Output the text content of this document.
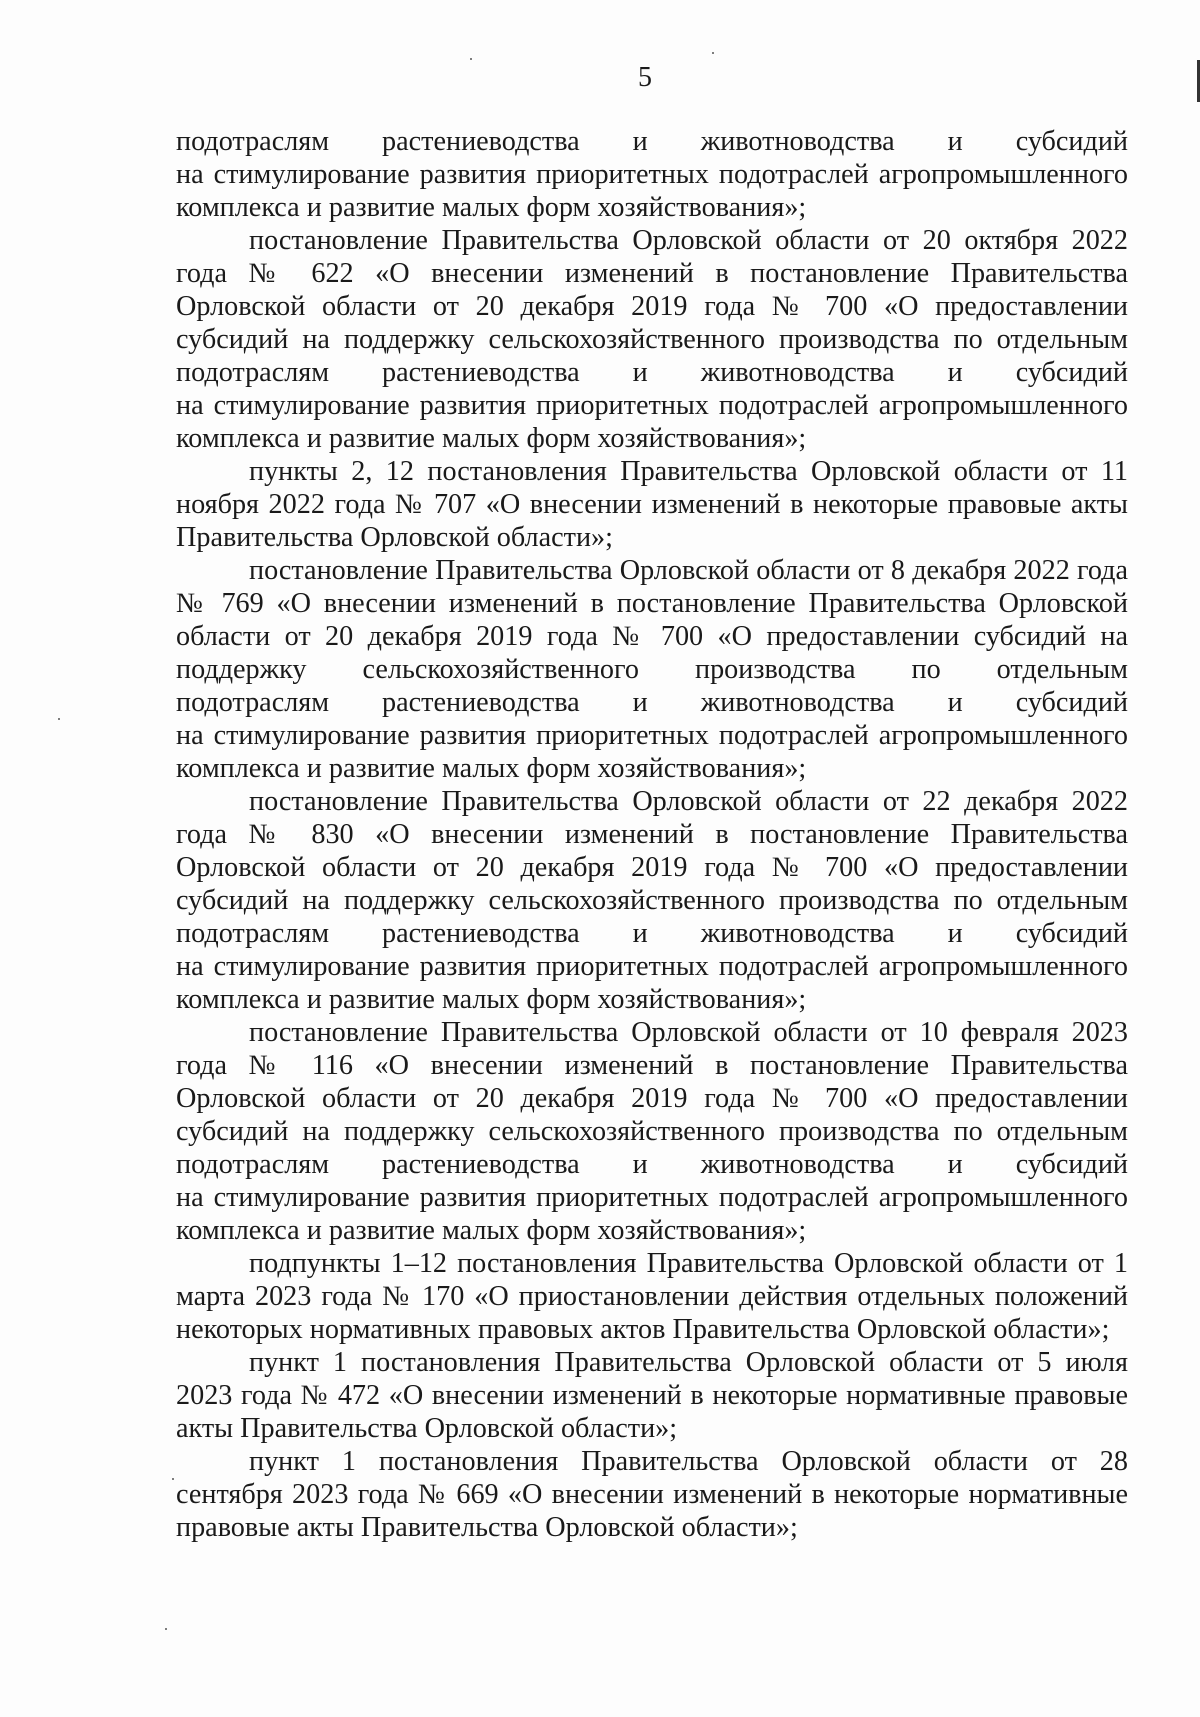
5

подотраслям растениеводства и животноводства и субсидий

на стимулирование развития приоритетных подотраслей агропромышленного комплекса и развитие малых форм хозяйствования»;

постановление Правительства Орловской области от 20 октября 2022 года № 622 «О внесении изменений в постановление Правительства Орловской области от 20 декабря 2019 года № 700 «О предоставлении субсидий на поддержку сельскохозяйственного производства по отдельным

подотраслям растениеводства и животноводства и субсидий

на стимулирование развития приоритетных подотраслей агропромышленного комплекса и развитие малых форм хозяйствования»;

пункты 2, 12 постановления Правительства Орловской области от 11 ноября 2022 года № 707 «О внесении изменений в некоторые правовые акты Правительства Орловской области»;

постановление Правительства Орловской области от 8 декабря 2022 года № 769 «О внесении изменений в постановление Правительства Орловской области от 20 декабря 2019 года № 700 «О предоставлении субсидий на поддержку сельскохозяйственного производства по отдельным

подотраслям растениеводства и животноводства и субсидий

на стимулирование развития приоритетных подотраслей агропромышленного комплекса и развитие малых форм хозяйствования»;

постановление Правительства Орловской области от 22 декабря 2022 года № 830 «О внесении изменений в постановление Правительства Орловской области от 20 декабря 2019 года № 700 «О предоставлении субсидий на поддержку сельскохозяйственного производства по отдельным

подотраслям растениеводства и животноводства и субсидий

на стимулирование развития приоритетных подотраслей агропромышленного комплекса и развитие малых форм хозяйствования»;

постановление Правительства Орловской области от 10 февраля 2023 года № 116 «О внесении изменений в постановление Правительства Орловской области от 20 декабря 2019 года № 700 «О предоставлении субсидий на поддержку сельскохозяйственного производства по отдельным

подотраслям растениеводства и животноводства и субсидий

на стимулирование развития приоритетных подотраслей агропромышленного комплекса и развитие малых форм хозяйствования»;

подпункты 1–12 постановления Правительства Орловской области от 1 марта 2023 года № 170 «О приостановлении действия отдельных положений некоторых нормативных правовых актов Правительства Орловской области»;

пункт 1 постановления Правительства Орловской области от 5 июля 2023 года № 472 «О внесении изменений в некоторые нормативные правовые акты Правительства Орловской области»;

пункт 1 постановления Правительства Орловской области от 28 сентября 2023 года № 669 «О внесении изменений в некоторые нормативные правовые акты Правительства Орловской области»;
